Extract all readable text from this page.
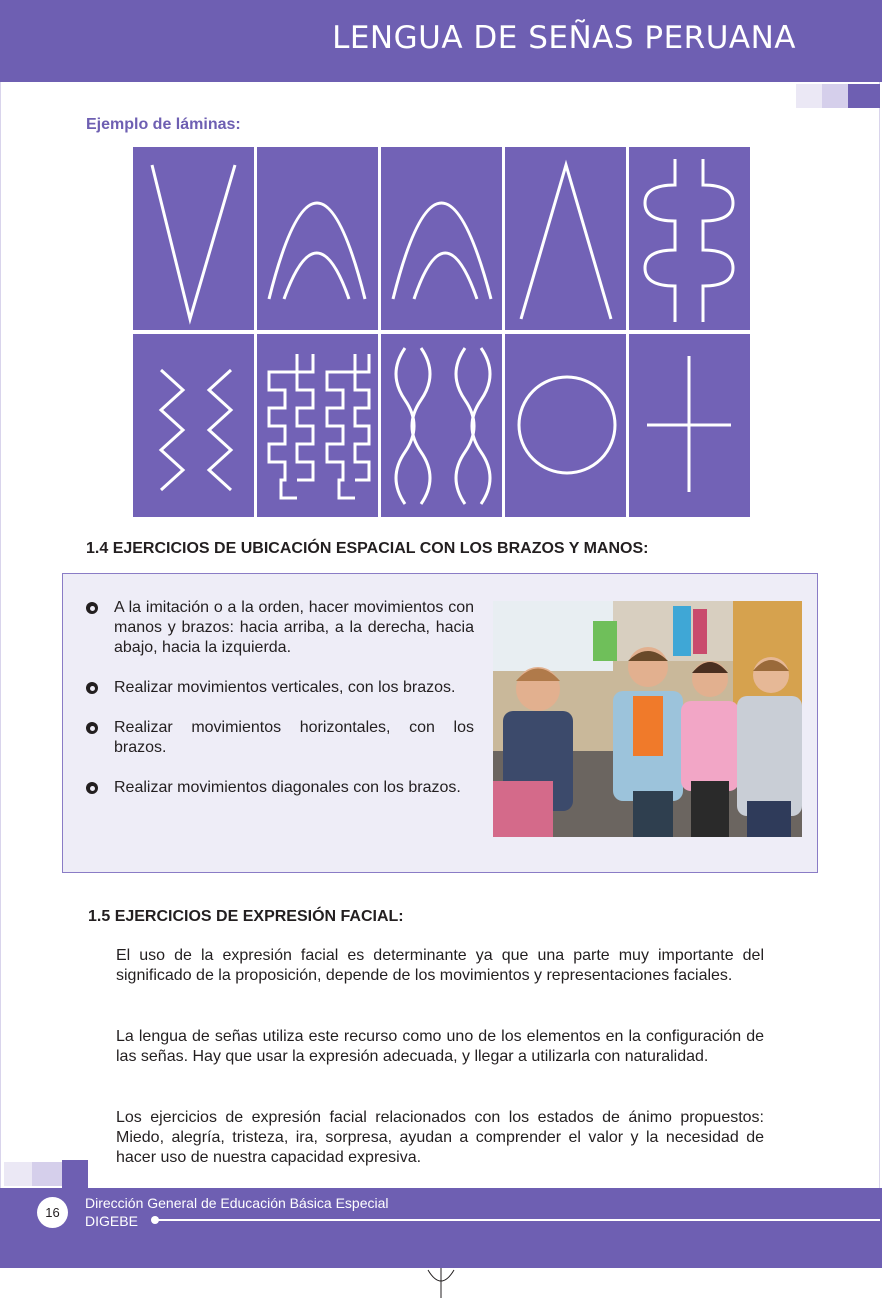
LENGUA DE SEÑAS PERUANA
Ejemplo de láminas:
1.4 EJERCICIOS DE UBICACIÓN ESPACIAL CON LOS BRAZOS Y MANOS:
A la imitación o a la orden, hacer movimientos con manos y brazos: hacia arriba, a la derecha, hacia abajo, hacia la izquierda.
Realizar movimientos verticales, con los brazos.
Realizar movimientos horizontales, con los brazos.
Realizar movimientos diagonales con los brazos.
1.5 EJERCICIOS DE EXPRESIÓN FACIAL:

El uso de la expresión facial es determinante ya que una parte muy importante del significado de la proposición, depende de los movimientos y representaciones faciales.

La lengua de señas utiliza este recurso como uno de los elementos en la configuración de las señas. Hay que usar la expresión adecuada, y llegar a utilizarla con naturalidad.

Los ejercicios de expresión facial relacionados con los estados de ánimo propuestos: Miedo, alegría, tristeza, ira, sorpresa, ayudan a comprender el valor y la necesidad de hacer uso de nuestra capacidad expresiva.

16
Dirección General de Educación Básica Especial
DIGEBE
